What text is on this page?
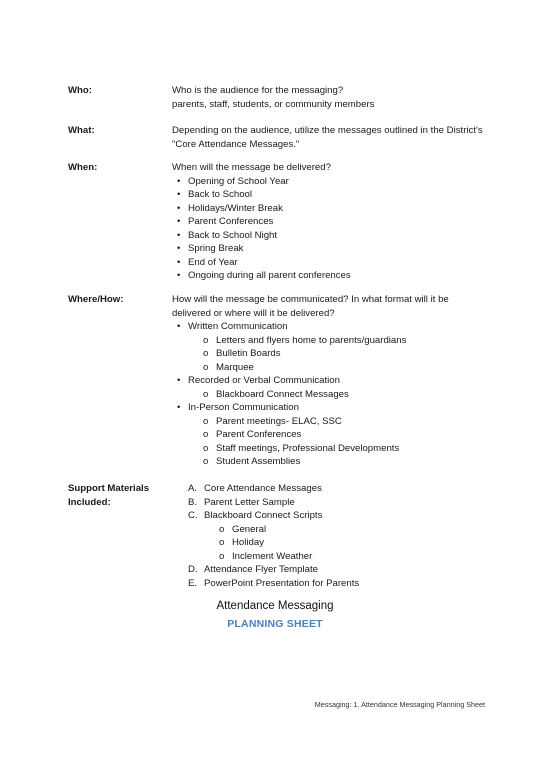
Who:	Who is the audience for the messaging?
parents, staff, students, or community members
What:	Depending on the audience, utilize the messages outlined in the District's
"Core Attendance Messages."
When:	When will the message be delivered?
• Opening of School Year
• Back to School
• Holidays/Winter Break
• Parent Conferences
• Back to School Night
• Spring Break
• End of Year
• Ongoing during all parent conferences
Where/How:	How will the message be communicated? In what format will it be
delivered or where will it be delivered?
• Written Communication
o Letters and flyers home to parents/guardians
o Bulletin Boards
o Marquee
• Recorded or Verbal Communication
o Blackboard Connect Messages
• In-Person Communication
o Parent meetings- ELAC, SSC
o Parent Conferences
o Staff meetings, Professional Developments
o Student Assemblies
Support Materials
Included:
A. Core Attendance Messages
B. Parent Letter Sample
C. Blackboard Connect Scripts
o General
o Holiday
o Inclement Weather
D. Attendance Flyer Template
E. PowerPoint Presentation for Parents
Attendance Messaging
PLANNING SHEET
Messaging: 1. Attendance Messaging Planning Sheet
